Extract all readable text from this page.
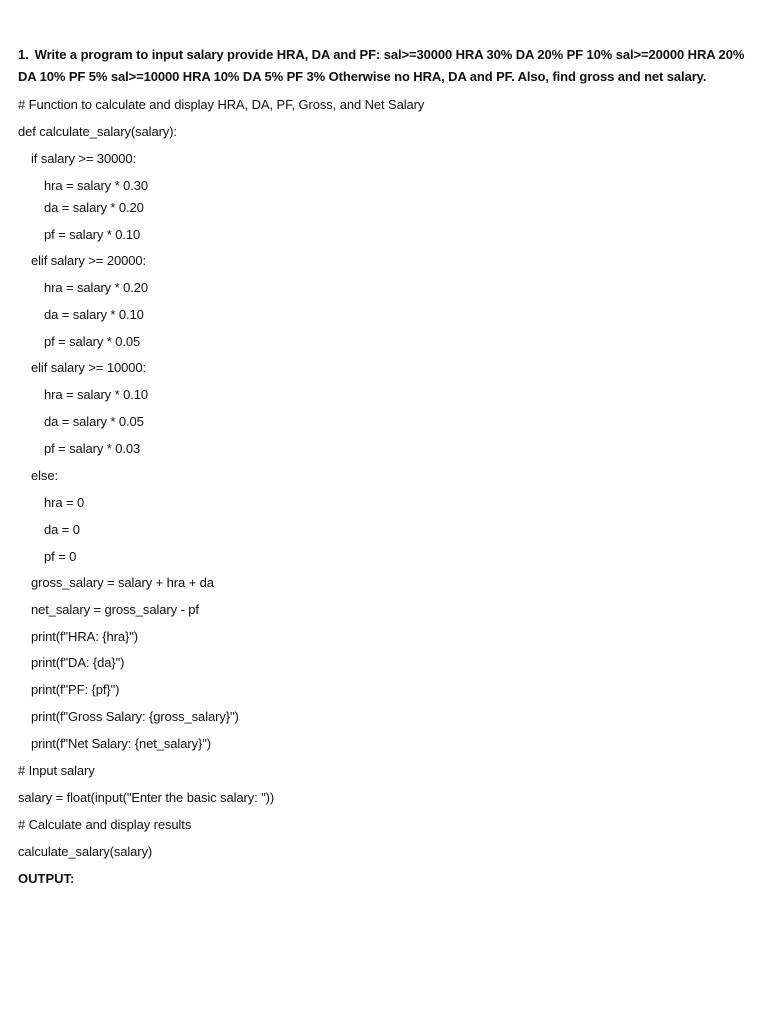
1. Write a program to input salary provide HRA, DA and PF: sal>=30000 HRA 30% DA 20% PF 10% sal>=20000 HRA 20% DA 10% PF 5% sal>=10000 HRA 10% DA 5% PF 3% Otherwise no HRA, DA and PF. Also, find gross and net salary.
# Function to calculate and display HRA, DA, PF, Gross, and Net Salary
def calculate_salary(salary):
if salary >= 30000:
hra = salary * 0.30
da = salary * 0.20
pf = salary * 0.10
elif salary >= 20000:
hra = salary * 0.20
da = salary * 0.10
pf = salary * 0.05
elif salary >= 10000:
hra = salary * 0.10
da = salary * 0.05
pf = salary * 0.03
else:
hra = 0
da = 0
pf = 0
gross_salary = salary + hra + da
net_salary = gross_salary - pf
print(f"HRA: {hra}")
print(f"DA: {da}")
print(f"PF: {pf}")
print(f"Gross Salary: {gross_salary}")
print(f"Net Salary: {net_salary}")
# Input salary
salary = float(input("Enter the basic salary: "))
# Calculate and display results
calculate_salary(salary)
OUTPUT:
